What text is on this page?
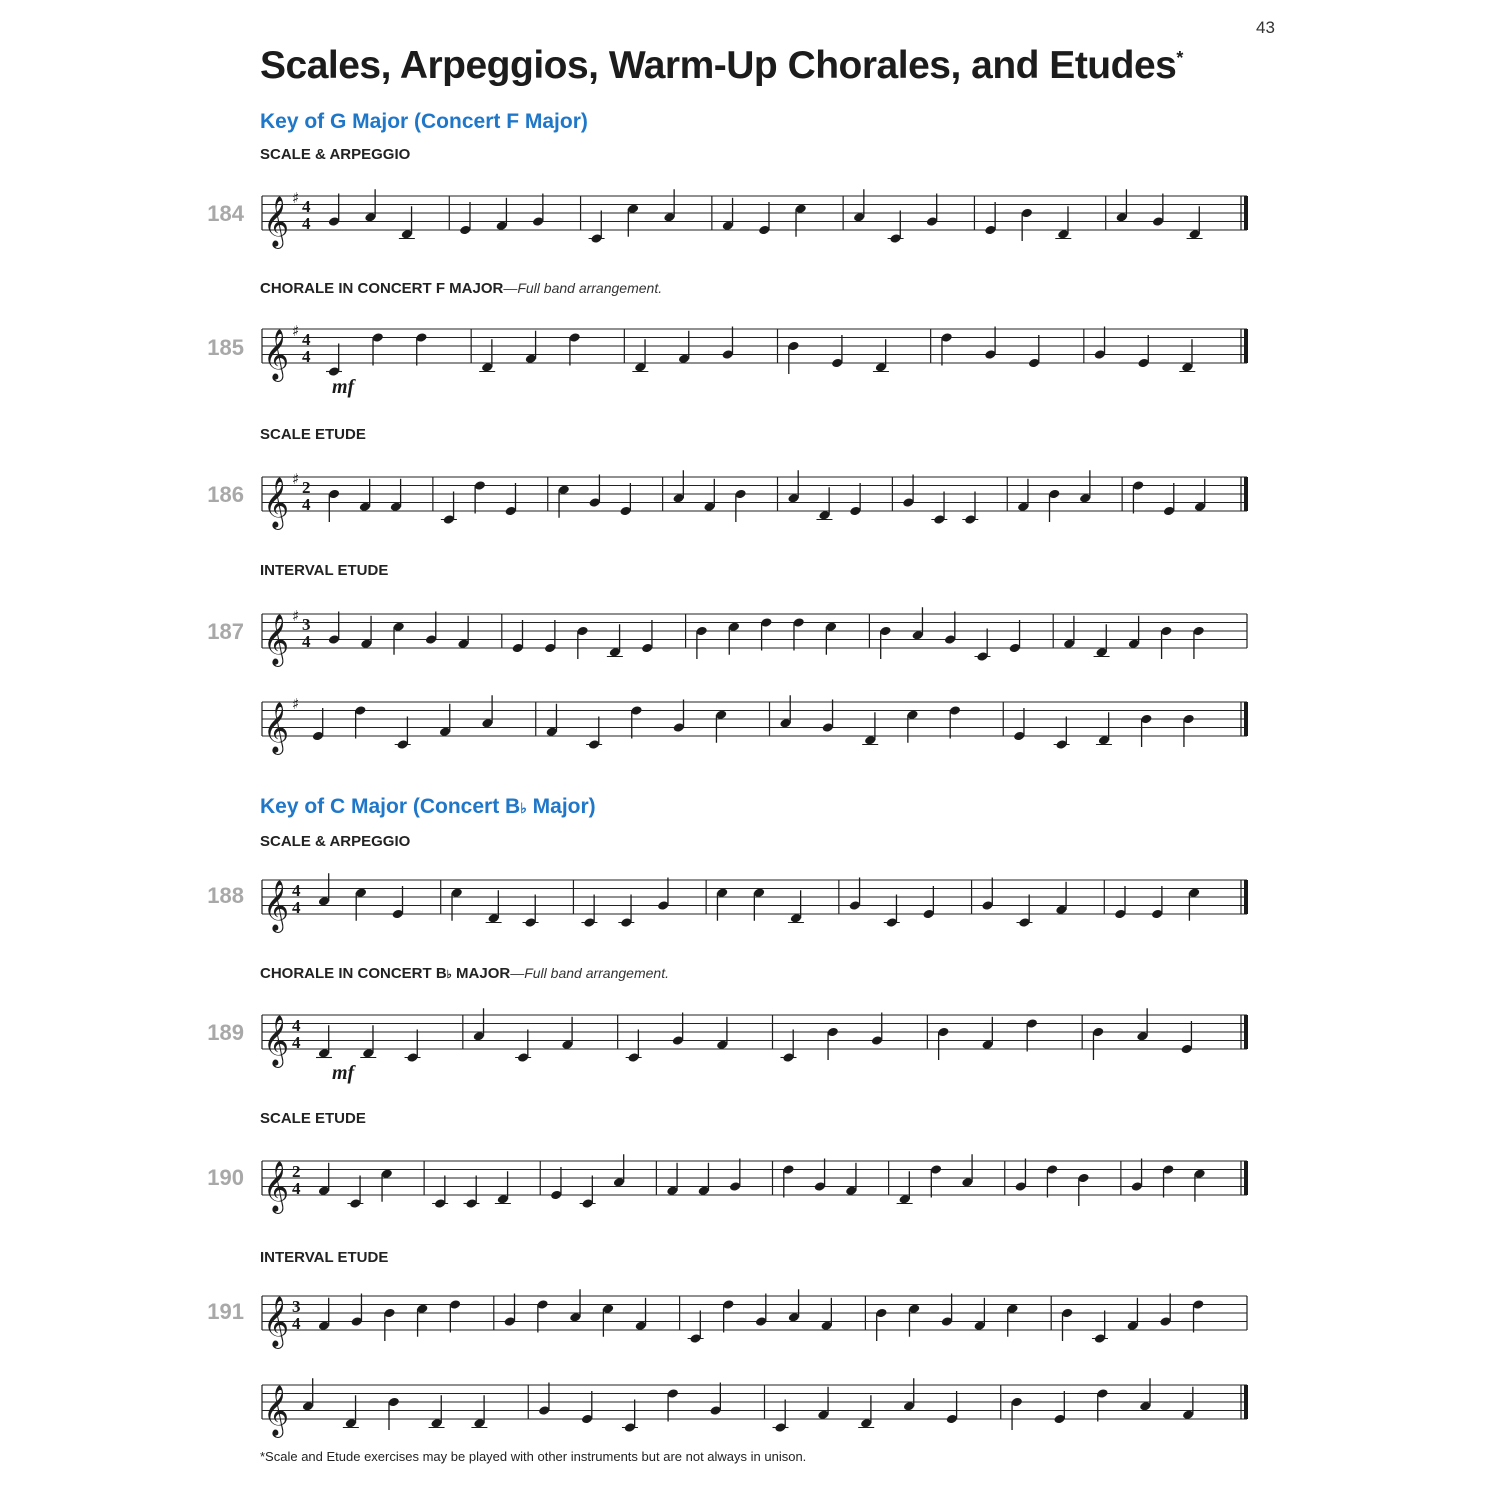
43
Scales, Arpeggios, Warm-Up Chorales, and Etudes*
Key of G Major (Concert F Major)
SCALE & ARPEGGIO
184
CHORALE IN CONCERT F MAJOR—Full band arrangement.
185
SCALE ETUDE
186
INTERVAL ETUDE
187
Key of C Major (Concert B♭ Major)
SCALE & ARPEGGIO
188
CHORALE IN CONCERT B♭ MAJOR—Full band arrangement.
189
SCALE ETUDE
190
INTERVAL ETUDE
191
𝄞 ♯ 4
4
𝄞 ♯ 4
4
mf
𝄞 ♯ 2
4
𝄞 ♯ 3
4
𝄞 ♯
𝄞 4
4
𝄞 4
4
mf
𝄞 2
4
𝄞 3
4
𝄞
*Scale and Etude exercises may be played with other instruments but are not always in unison.
